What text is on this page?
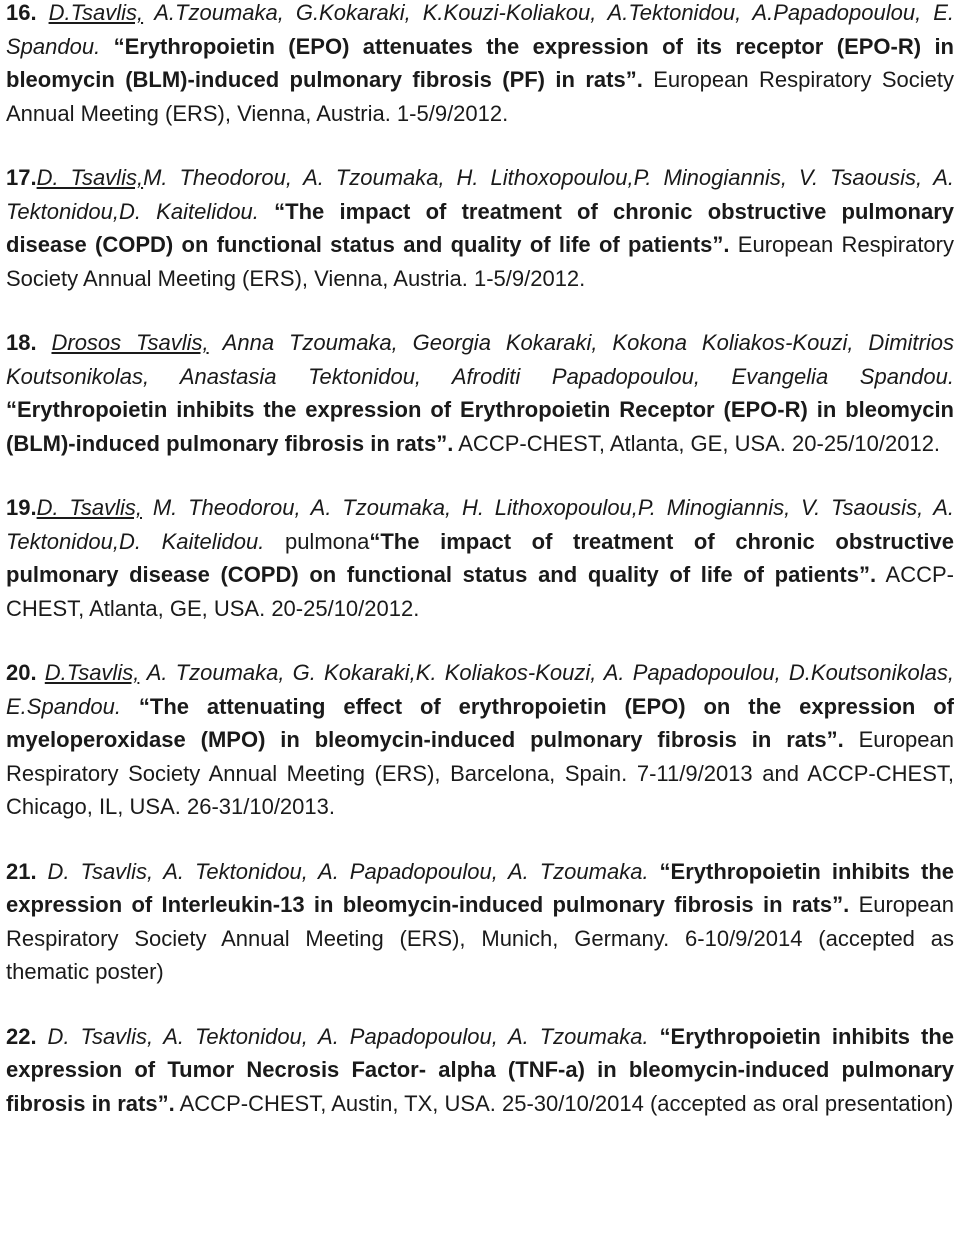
16. D.Tsavlis, A.Tzoumaka, G.Kokaraki, K.Kouzi-Koliakou, A.Tektonidou, A.Papadopoulou, E. Spandou. “Erythropoietin (EPO) attenuates the expression of its receptor (EPO-R) in bleomycin (BLM)-induced pulmonary fibrosis (PF) in rats”. European Respiratory Society Annual Meeting (ERS), Vienna, Austria. 1-5/9/2012.

17.D. Tsavlis,M. Theodorou, A. Tzoumaka, H. Lithoxopoulou,P. Minogiannis, V. Tsaousis, A. Tektonidou,D. Kaitelidou. “The impact of treatment of chronic obstructive pulmonary disease (COPD) on functional status and quality of life of patients”. European Respiratory Society Annual Meeting (ERS), Vienna, Austria. 1-5/9/2012.

18. Drosos Tsavlis, Anna Tzoumaka, Georgia Kokaraki, Kokona Koliakos-Kouzi, Dimitrios Koutsonikolas, Anastasia Tektonidou, Afroditi Papadopoulou, Evangelia Spandou. “Erythropoietin inhibits the expression of Erythropoietin Receptor (EPO-R) in bleomycin (BLM)-induced pulmonary fibrosis in rats”. ACCP-CHEST, Atlanta, GE, USA. 20-25/10/2012.

19.D. Tsavlis, M. Theodorou, A. Tzoumaka, H. Lithoxopoulou,P. Minogiannis, V. Tsaousis, A. Tektonidou,D. Kaitelidou. pulmona“The impact of treatment of chronic obstructive pulmonary disease (COPD) on functional status and quality of life of patients”. ACCP-CHEST, Atlanta, GE, USA. 20-25/10/2012.

20. D.Tsavlis, A. Tzoumaka, G. Kokaraki,K. Koliakos-Kouzi, A. Papadopoulou, D.Koutsonikolas, E.Spandou. “The attenuating effect of erythropoietin (EPO) on the expression of myeloperoxidase (MPO) in bleomycin-induced pulmonary fibrosis in rats”. European Respiratory Society Annual Meeting (ERS), Barcelona, Spain. 7-11/9/2013 and ACCP-CHEST, Chicago, IL, USA. 26-31/10/2013.

21. D. Tsavlis, A. Tektonidou, A. Papadopoulou, A. Tzoumaka. “Erythropoietin inhibits the expression of Interleukin-13 in bleomycin-induced pulmonary fibrosis in rats”. European Respiratory Society Annual Meeting (ERS), Munich, Germany. 6-10/9/2014 (accepted as thematic poster)

22. D. Tsavlis, A. Tektonidou, A. Papadopoulou, A. Tzoumaka. “Erythropoietin inhibits the expression of Tumor Necrosis Factor- alpha (TNF-a) in bleomycin-induced pulmonary fibrosis in rats”. ACCP-CHEST, Austin, TX, USA. 25-30/10/2014 (accepted as oral presentation)
